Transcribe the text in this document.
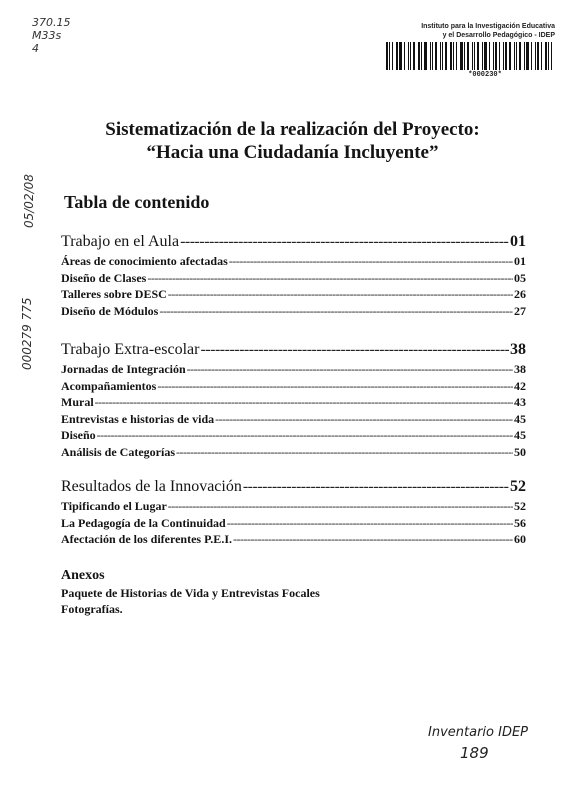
370.15
M33s
4
05/02/08
000279 775
Instituto para la Investigación Educativa
y el Desarrollo Pedagógico - IDEP
*000230*
Sistematización de la realización del Proyecto:
“Hacia una Ciudadanía Incluyente”
Tabla de contenido
Trabajo en el Aula -----	01
Áreas de conocimiento afectadas -----	01
Diseño de Clases -----	05
Talleres sobre DESC -----	26
Diseño de Módulos -----	27
Trabajo Extra-escolar -----	38
Jornadas de Integración -----	38
Acompañamientos -----	42
Mural -----	43
Entrevistas e historias de vida -----	45
Diseño -----	45
Análisis de Categorías -----	50
Resultados de la Innovación -----	52
Tipificando el Lugar -----	52
La Pedagogía de la Continuidad -----	56
Afectación de los diferentes P.E.I. -----	60
Anexos
Paquete de Historias de Vida y Entrevistas Focales
Fotografías.
Inventario IDEP
189
